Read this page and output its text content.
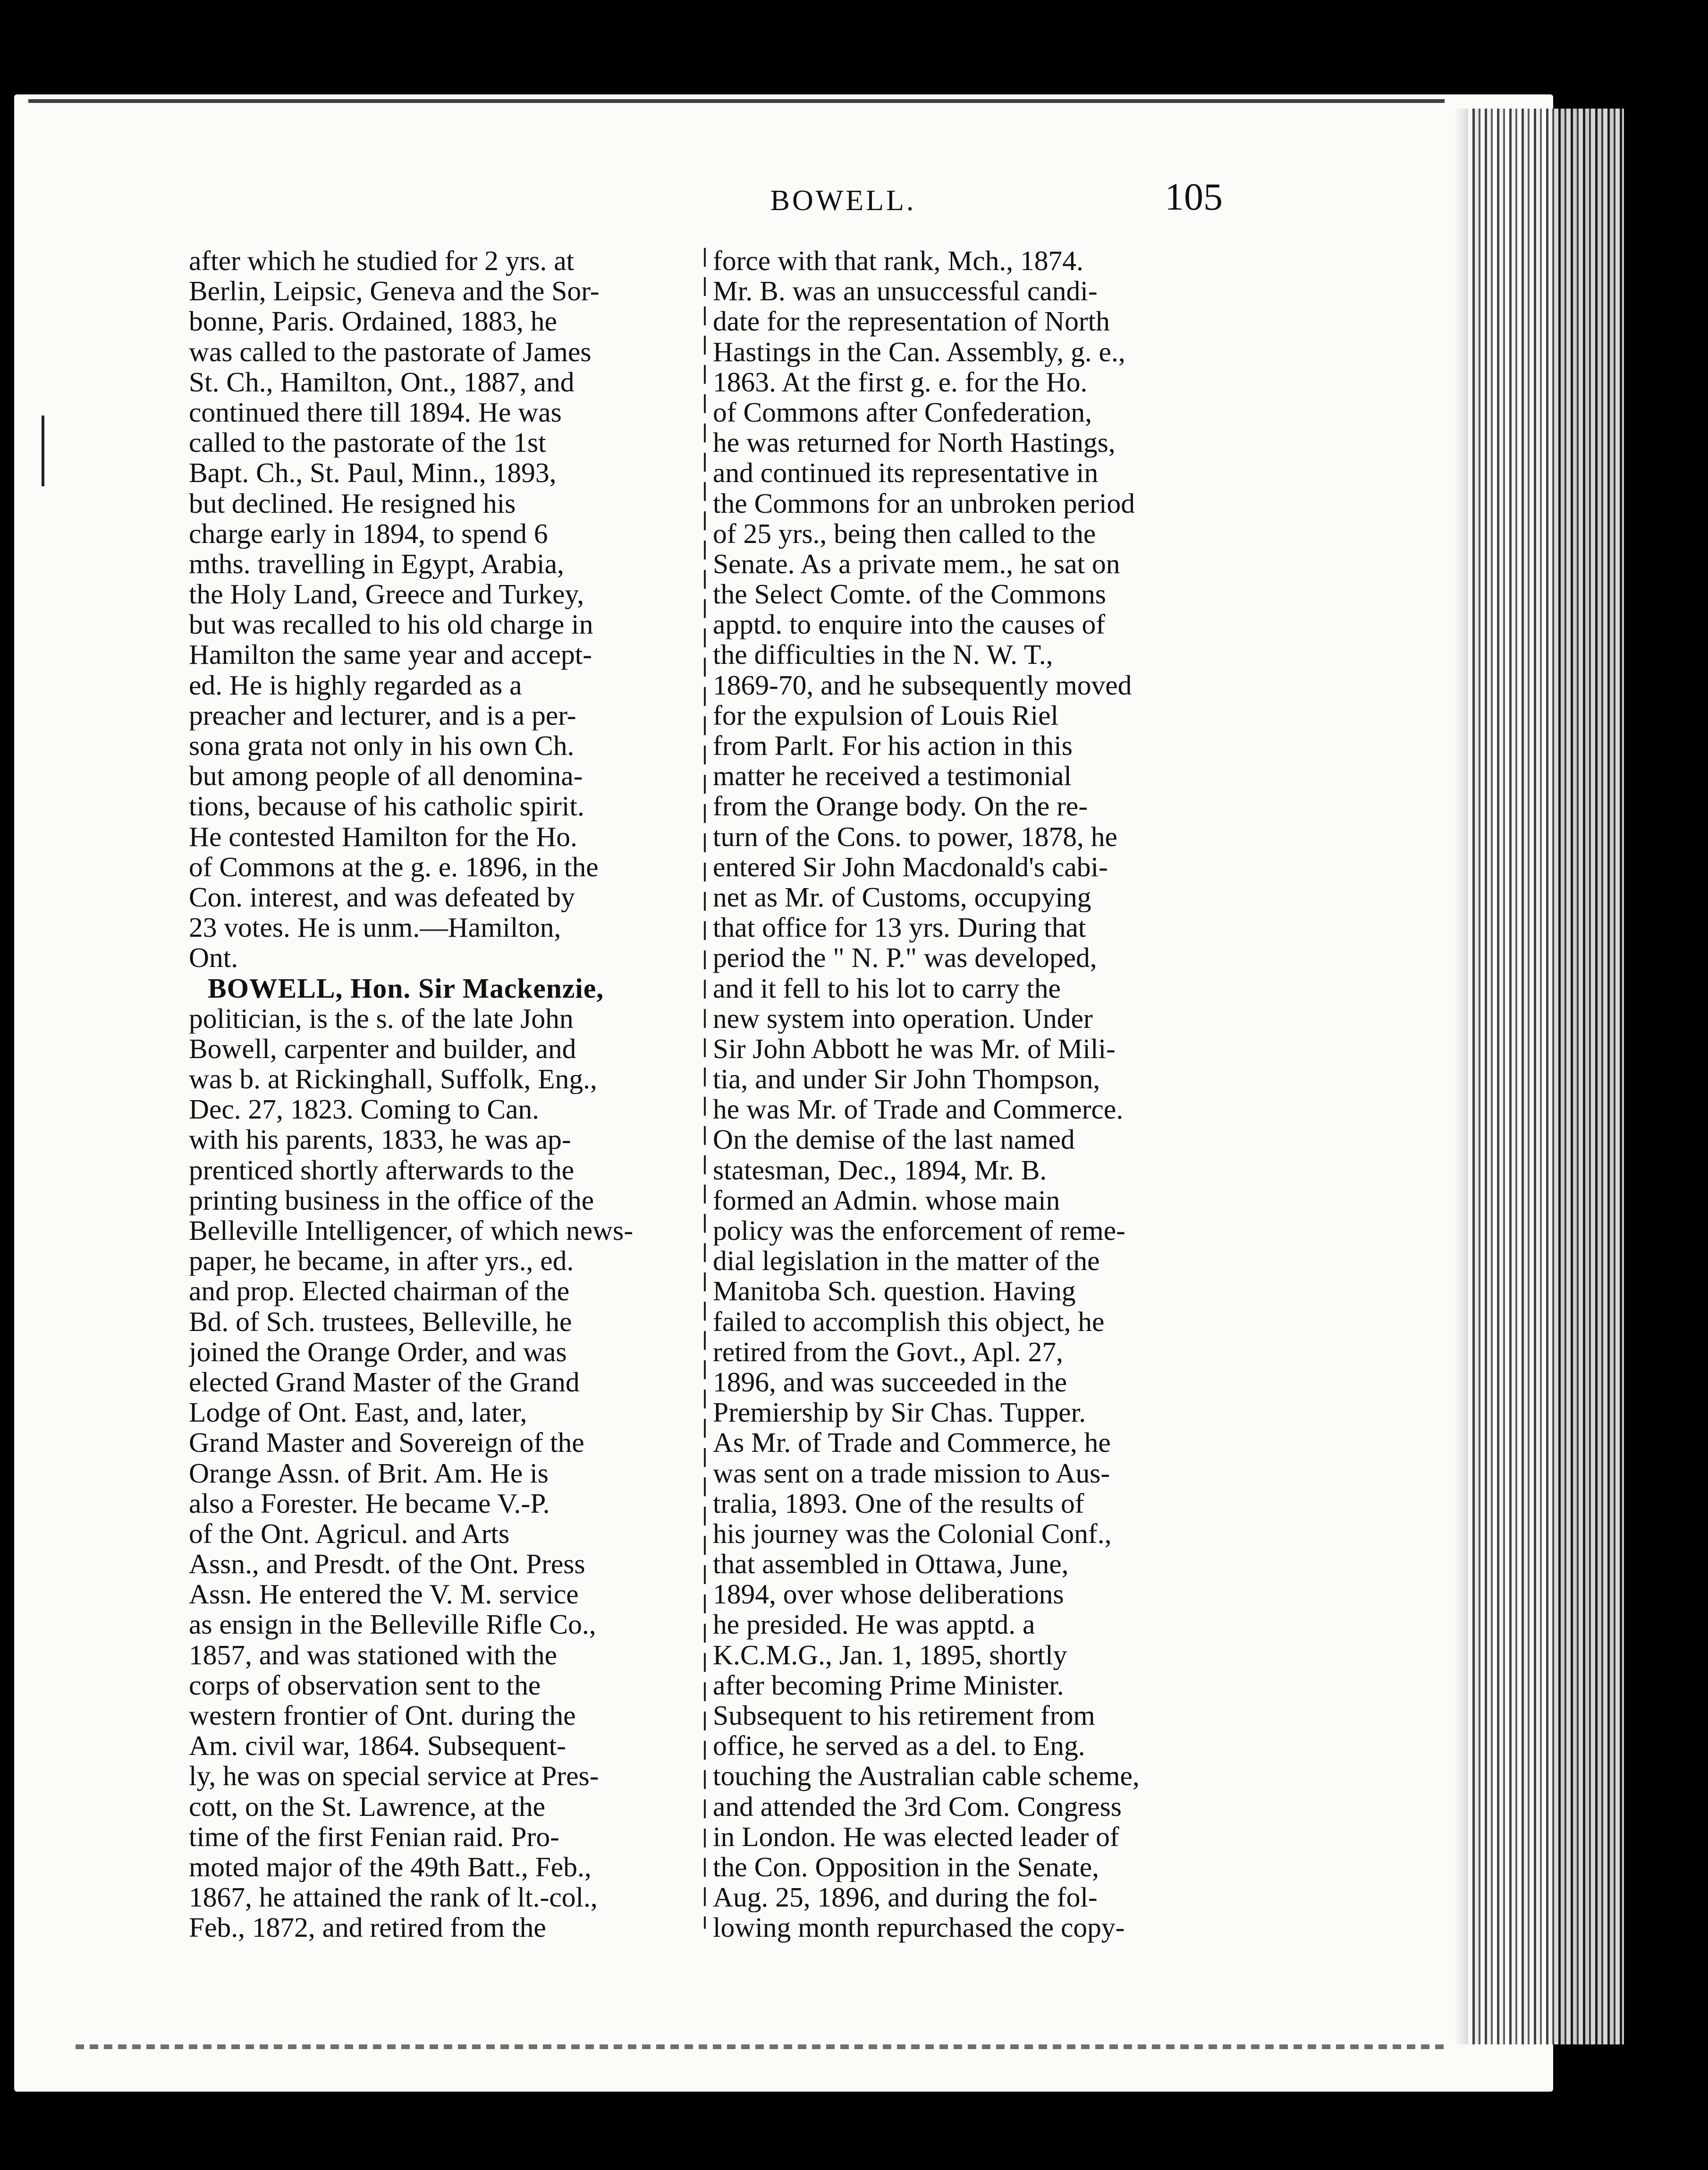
BOWELL.	105
after which he studied for 2 yrs. at
Berlin, Leipsic, Geneva and the Sor-
bonne, Paris. Ordained, 1883, he
was called to the pastorate of James
St. Ch., Hamilton, Ont., 1887, and
continued there till 1894. He was
called to the pastorate of the 1st
Bapt. Ch., St. Paul, Minn., 1893,
but declined. He resigned his
charge early in 1894, to spend 6
mths. travelling in Egypt, Arabia,
the Holy Land, Greece and Turkey,
but was recalled to his old charge in
Hamilton the same year and accept-
ed. He is highly regarded as a
preacher and lecturer, and is a per-
sona grata not only in his own Ch.
but among people of all denomina-
tions, because of his catholic spirit.
He contested Hamilton for the Ho.
of Commons at the g. e. 1896, in the
Con. interest, and was defeated by
23 votes. He is unm.—Hamilton,
Ont.
BOWELL, Hon. Sir Mackenzie,
politician, is the s. of the late John
Bowell, carpenter and builder, and
was b. at Rickinghall, Suffolk, Eng.,
Dec. 27, 1823. Coming to Can.
with his parents, 1833, he was ap-
prenticed shortly afterwards to the
printing business in the office of the
Belleville Intelligencer, of which news-
paper, he became, in after yrs., ed.
and prop. Elected chairman of the
Bd. of Sch. trustees, Belleville, he
joined the Orange Order, and was
elected Grand Master of the Grand
Lodge of Ont. East, and, later,
Grand Master and Sovereign of the
Orange Assn. of Brit. Am. He is
also a Forester. He became V.-P.
of the Ont. Agricul. and Arts
Assn., and Presdt. of the Ont. Press
Assn. He entered the V. M. service
as ensign in the Belleville Rifle Co.,
1857, and was stationed with the
corps of observation sent to the
western frontier of Ont. during the
Am. civil war, 1864. Subsequent-
ly, he was on special service at Pres-
cott, on the St. Lawrence, at the
time of the first Fenian raid. Pro-
moted major of the 49th Batt., Feb.,
1867, he attained the rank of lt.-col.,
Feb., 1872, and retired from the
force with that rank, Mch., 1874.
Mr. B. was an unsuccessful candi-
date for the representation of North
Hastings in the Can. Assembly, g. e.,
1863. At the first g. e. for the Ho.
of Commons after Confederation,
he was returned for North Hastings,
and continued its representative in
the Commons for an unbroken period
of 25 yrs., being then called to the
Senate. As a private mem., he sat on
the Select Comte. of the Commons
apptd. to enquire into the causes of
the difficulties in the N. W. T.,
1869-70, and he subsequently moved
for the expulsion of Louis Riel
from Parlt. For his action in this
matter he received a testimonial
from the Orange body. On the re-
turn of the Cons. to power, 1878, he
entered Sir John Macdonald's cabi-
net as Mr. of Customs, occupying
that office for 13 yrs. During that
period the " N. P." was developed,
and it fell to his lot to carry the
new system into operation. Under
Sir John Abbott he was Mr. of Mili-
tia, and under Sir John Thompson,
he was Mr. of Trade and Commerce.
On the demise of the last named
statesman, Dec., 1894, Mr. B.
formed an Admin. whose main
policy was the enforcement of reme-
dial legislation in the matter of the
Manitoba Sch. question. Having
failed to accomplish this object, he
retired from the Govt., Apl. 27,
1896, and was succeeded in the
Premiership by Sir Chas. Tupper.
As Mr. of Trade and Commerce, he
was sent on a trade mission to Aus-
tralia, 1893. One of the results of
his journey was the Colonial Conf.,
that assembled in Ottawa, June,
1894, over whose deliberations
he presided. He was apptd. a
K.C.M.G., Jan. 1, 1895, shortly
after becoming Prime Minister.
Subsequent to his retirement from
office, he served as a del. to Eng.
touching the Australian cable scheme,
and attended the 3rd Com. Congress
in London. He was elected leader of
the Con. Opposition in the Senate,
Aug. 25, 1896, and during the fol-
lowing month repurchased the copy-
